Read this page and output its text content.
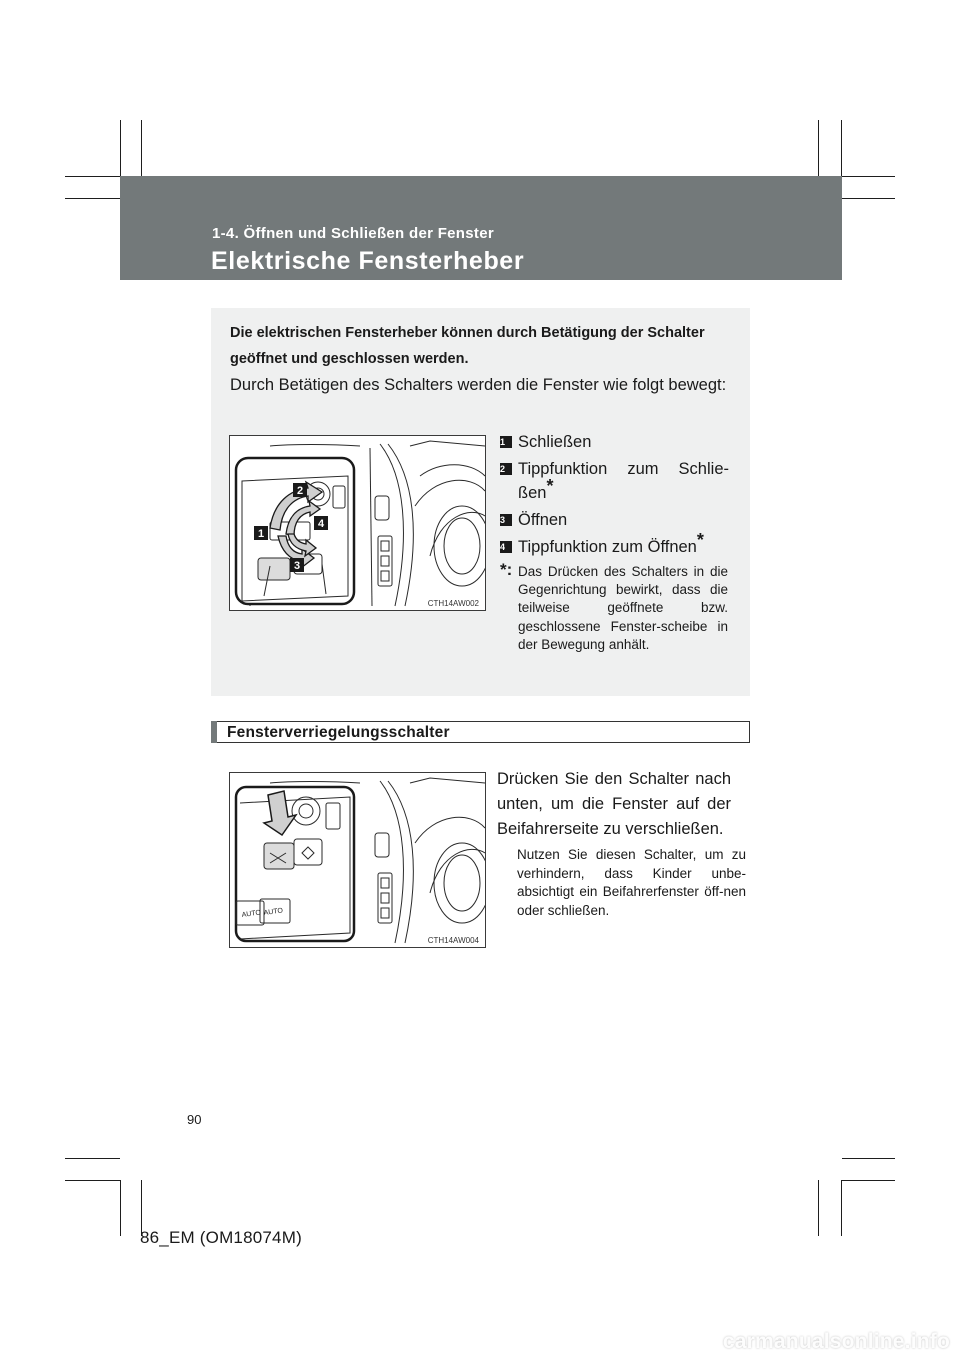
1-4. Öffnen und Schließen der Fenster
Elektrische Fensterheber

Die elektrischen Fensterheber können durch Betätigung der Schalter geöffnet und geschlossen werden.

Durch Betätigen des Schalters werden die Fenster wie folgt bewegt:

2
4
1
3
CTH14AW002
1 Schließen
2 Tippfunktion zum Schlie-ßen*
3 Öffnen
4 Tippfunktion zum Öffnen*
*: Das Drücken des Schalters in die Gegenrichtung bewirkt, dass die teilweise geöffnete bzw. geschlossene Fenster-scheibe in der Bewegung anhält.

Fensterverriegelungsschalter
AUTO AUTO
CTH14AW004

Drücken Sie den Schalter nach unten, um die Fenster auf der Beifahrerseite zu verschließen.

Nutzen Sie diesen Schalter, um zu verhindern, dass Kinder unbe-absichtigt ein Beifahrerfenster öff-nen oder schließen.

90
86_EM (OM18074M)
carmanualsonline.info
